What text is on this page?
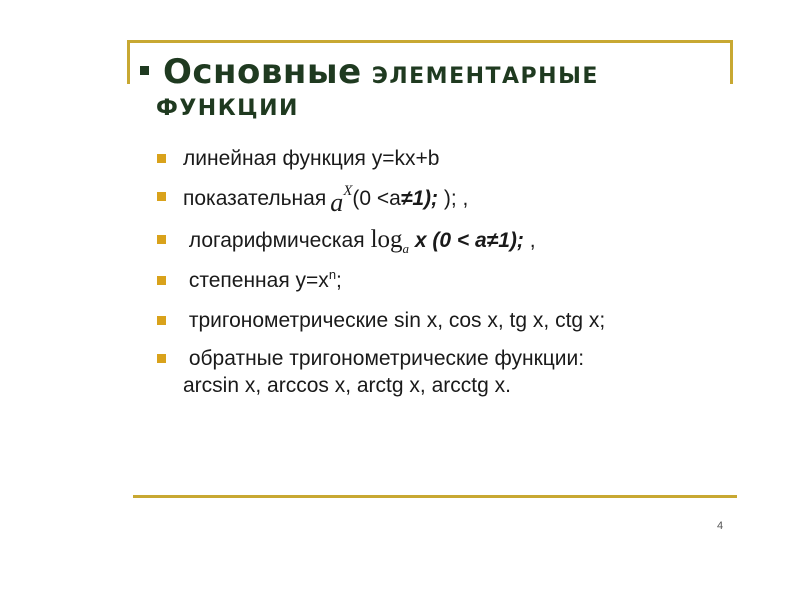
Основные ЭЛЕМЕНТАРНЫЕ
ФУНКЦИИ
линейная функция y=kx+b
показательная $a^X(0 <a\ne 1)$; ); ,
логарифмическая $\log_a x$ (0 < a≠1); ,
степенная $y=x^n$;
тригонометрические sin x, cos x, tg x, ctg x;
обратные тригонометрические функции:
arcsin x, arccos x, arctg x, arcctg x.
4
